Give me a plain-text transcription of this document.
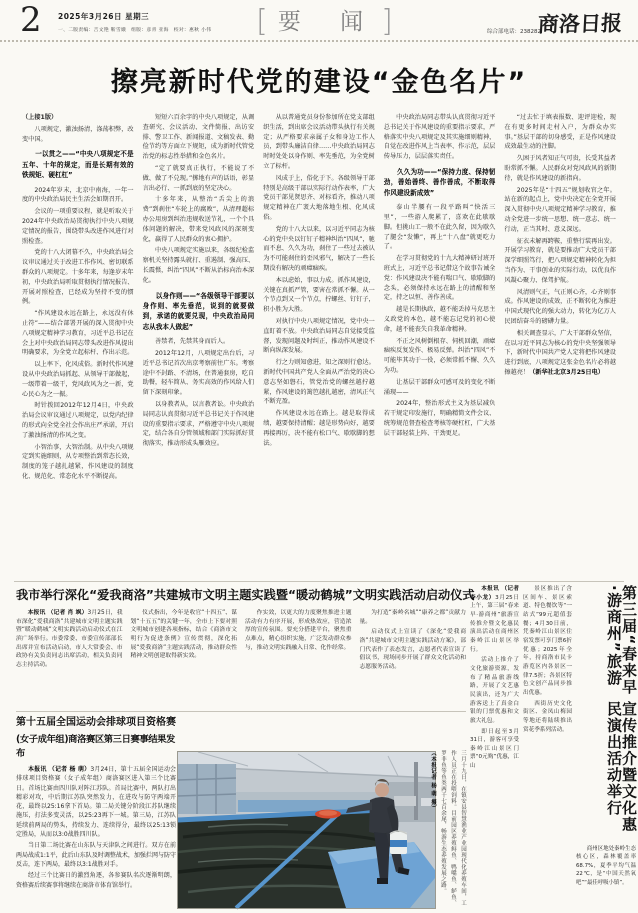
2 2025年3月26日 星期三
一、二版责编：吉文艳 靳雪娥　组版：彦青 亚海　校对：惠秋 小伟 [ 要 闻]	综合部电话：238282
商洛日报
擦亮新时代党的建设“金色名片”

（上接1版）

八项规定，激浊扬清，涤荡积弊，改变中国。

一以贯之——“中央八项规定不是五年、十年的规定，而是长期有效的铁规矩、硬杠杠”

2024年岁末，北京中南海，一年一度的中央政治局民主生活会如期召开。

会议的一项重要议程，就是听取关于2024年中央政治局贯彻执行中央八项规定情况的报告，围绕带头改进作风进行对照检查。

党的十八大闭幕不久，中央政治局会议审议通过关于改进工作作风、密切联系群众的八项规定。十多年来，每逢岁末年初，中央政治局听取贯彻执行情况报告、开展对照检查，已经成为坚持不变的惯例。

“作风建设永远在路上，永远没有休止符”——结合部署开展的深入贯彻中央八项规定精神学习教育，习近平总书记在会上对中央政治局同志带头改进作风提出明确要求，为全党立起标杆、作出示范。

以上率下，化风成俗。新时代作风建设从中央政治局抓起、从领导干部做起，一级带着一级干，党风政风为之一新，党心民心为之一振。

时针拨回2012年12月4日，中央政治局会议审议通过八项规定，以党内纪律的形式向全党全社会作出庄严承诺，开启了激浊扬清的作风之变。

小智治事，大智治制。从中央八项规定到实施细则，从专项整治到常态长效，制度的笼子越扎越紧，作风建设的制度化、规范化、常态化水平不断提高。

短短六百余字的中央八项规定，从调查研究、会议活动、文件简报、出访安排、警卫工作、新闻报道、文稿发表、勤俭节约等方面立下规矩，成为新时代管党治党的标志性举措和金色名片。

“定了就要真正执行，不能说了不做、做了不兑现。”掷地有声的话语，彰显言出必行、一抓到底的坚定决心。

十多年来，从整治“舌尖上的浪费”到刹住“车轮上的腐败”，从清理超标办公用房到纠治违规收送节礼，一个个具体问题的解决，带来党风政风的深刻变化，赢得了人民群众的衷心拥护。

中央八项规定实施以来，各级纪检监察机关坚持露头就打、重遏制、强高压、长震慑，纠治“四风”不断从治标向治本深化。

以身作则——“各级领导干部要以身作则、率先垂范，说到的就要做到，承诺的就要兑现，中央政治局同志从我本人做起”

善禁者，先禁其身而后人。

2012年12月，八项规定出台后，习近平总书记首次出京考察前往广东。考察途中不封路、不清场，住普通套房，吃自助餐，轻车简从、务实高效的作风给人们留下深刻印象。

以身教者从，以言教者讼。中央政治局同志认真贯彻习近平总书记关于作风建设的重要指示要求，严格遵守中央八项规定，结合各自分管领域和部门实际抓好贯彻落实，推动形成头雁效应。

从以普通党员身份参加所在党支部组织生活，到出席会议活动带头执行有关规定；从严格要求亲属子女和身边工作人员，到带头廉洁自律……中央政治局同志时时处处以身作则、率先垂范，为全党树立了标杆。

风成于上，俗化于下。各级领导干部特别是高级干部以实际行动作表率，广大党员干部见贤思齐、对标看齐，推动八项规定精神在广袤大地落地生根、化风成俗。

党的十八大以来，以习近平同志为核心的党中央以钉钉子精神纠治“四风”，驰而不息、久久为功，刹住了一些过去被认为不可能刹住的歪风邪气，解决了一些长期没有解决的顽瘴痼疾。

本以虑始，事以力成。抓作风建设，关键在真抓严管，要害在常抓不懈。从一个节点到又一个节点，拧螺丝、钉钉子，积小胜为大胜。

对执行中央八项规定情况，党中央一直盯着不放。中央政治局同志自觉接受监督，发现问题及时纠正，推动作风建设不断向纵深发展。

行之力则知愈进，知之深则行愈达。新时代中国共产党人全面从严治党的决心意志坚如磐石，管党治党的螺丝越拧越紧，作风建设的篱笆越扎越密，清风正气不断充盈。

作风建设永远在路上。越是取得成绩，越要保持清醒；越是形势向好，越要再接再厉，决不能有松口气、歇歇脚的想法。

中央政治局同志带头认真贯彻习近平总书记关于作风建设的重要指示要求，严格落实中央八项规定及其实施细则精神，自觉在改进作风上当表率、作示范，层层传导压力，层层落实责任。

久久为功——“保持力度、保持韧劲，善始善终、善作善成，不断取得作风建设新成效”

泰山半腰有一段平路叫“快活三里”，一些游人爬累了，喜欢在此歇歇脚。但挑山工一般不在此久留，因为歇久了腿会“发懒”，再上“十八盘”就更吃力了。

在学习贯彻党的十九大精神研讨班开班式上，习近平总书记借这个故事告诫全党：作风建设决不能有喘口气、歇歇脚的念头，必须保持永远在路上的清醒和坚定，持之以恒、善作善成。

越是长期执政，越不能丢掉马克思主义政党的本色，越不能忘记党的初心使命，越不能丧失自我革命精神。

不正之风树倒根存、伺机回潮，顽瘴痼疾反复发作、极易反弹。纠治“四风”不可能毕其功于一役，必须常抓不懈、久久为功。

让基层干部群众可感可及的变化不断涌现——

2024年，整治形式主义为基层减负若干规定印发施行，明确精简文件会议、统筹规范督查检查考核等硬杠杠，广大基层干部轻装上阵、干劲更足。

“过去忙于填表报数、迎评迎检，现在有更多时间走村入户，为群众办实事。”基层干部的切身感受，正是作风建设成效最生动的注脚。

久困于风者知正气可贵，长受其益者盼常抓不懈。人民群众对党风政风的新期待，就是作风建设的新指向。

2025年是“十四五”规划收官之年。站在新的起点上，党中央决定在全党开展深入贯彻中央八项规定精神学习教育，推动全党进一步统一思想、统一意志、统一行动，正当其时、意义深远。

征衣未解再跨鞍，重整行装再出发。开展学习教育，就是要推动广大党员干部深学细照笃行，把八项规定精神转化为担当作为、干事创业的实际行动，以优良作风凝心聚力、保驾护航。

风清则气正，气正则心齐，心齐则事成。作风建设的成效，正不断转化为推进中国式现代化的强大动力，转化为亿万人民团结奋斗的磅礴力量。

相关调查显示，广大干部群众坚信，在以习近平同志为核心的党中央坚强领导下，新时代中国共产党人定将把作风建设进行到底，八项规定这张金色名片必将越擦越亮！（新华社北京3月25日电）

我市举行深化“爱我商洛”共建城市文明主题实践暨“暖动鹤城”文明实践活动启动仪式

本报讯 （记者 肖 飒）3月25日，我市深化“爱我商洛”共建城市文明主题实践暨“暖动鹤城”文明实践活动启动仪式在江滨广场举行。市委常委、市委宣传部部长出席并宣布活动启动，市人大常委会、市政协有关负责同志出席活动，相关负责同志主持活动。

仪式指出，今年是收官“十四五”、谋划“十五五”的关键一年，全市上下要对照文明城市创建各项指标，结合《商洛市文明行为促进条例》宣传贯彻，深化拓展“爱我商洛”主题实践活动，推动群众性精神文明创建取得新实效。

作实效，以更大的力度聚焦推进主题活动有力有序开展，形成热效应，营造浓厚的宣传氛围。要充分搭建平台，聚焦重点难点，精心组织实施，广泛发动群众参与，推动文明实践融入日常、化作经常。

为打造“秦岭名城”“康养之都”贡献力量。

启动仪式上宣读了《深化“爱我商洛”共建城市文明主题实践活动方案》，部门代表作了表态发言，志愿者代表宣读了倡议书，现场同步开展了群众文化活动和志愿服务活动。

第十五届全国运动会排球项目资格赛
(女子成年组)商洛赛区第三日赛事结果发布

本报讯 （记者 杨 萌）3月24日，第十五届全国运动会排球项目资格赛（女子成年组）商洛赛区进入第三个比赛日。首场比赛由四川队对阵江苏队。首局比赛中，两队打出精彩对攻，中后期江苏队突然发力，在进攻与防守两端开花，最终以25:16拿下首局。第二局关键分阶段江苏队继续施压，打法多变灵活，以25:23再下一城。第三局，江苏队延续前两局的势头，持续发力、连续得分，最终以25:13锁定胜局，从而以3:0战胜四川队。

当日第二场比赛在山东队与天津队之间进行。双方在前两局战成1:1平，此后山东队及时调整战术，加强拦网与防守反击，连下两局，最终以3:1战胜对手。

经过三个比赛日的激烈角逐，各参赛队名次逐渐明朗，资格赛后续赛事将继续在商洛市体育馆举行。	三月十九日，在镇安县智慧渔业产业园现代化养殖车间，工作人员正在投喂饲料。目前园区养殖鲟鱼、鸭嘴鱼、鲈鱼、罗非鱼等鱼类两千七百余尾，畅游生态养殖发展之路。 （本报记者 杨 萌 摄）

本报讯 （记者 李小龙）3月25日上午，第三届“春来早·游商州”旅游宣传推介暨文化惠民演出活动在商州区秦岭江山景区举行。

活动上推介了文化旅游资源，发布了精品旅游线路，开展了文艺惠民演出，还为广大游客送上了真金白银的门票优惠和文旅大礼包。

即日起至3月31日，游客可享受秦岭江山景区门票“0元购”优惠，江山

景区推出了含区间车、景区索道、特色餐饮等“一站式”99元超值套餐；4月30日前，凭秦岭江山景区住宿发票可享门票6折优惠；2025年全年，持商洛市民卡游览区内各景区一律7.5折；各景区特色文创产品同步推出优惠。

西街历史文化街区、金凤山梅园等地还将陆续推出赏花季系列活动。

第三届“春来早·游商州”旅游
宣传推介暨文化惠民演出活动举行

商州区地处秦岭生态核心区，森林覆盖率68.7%，夏季平均气温22℃，是“中国天然氧吧”“最佳呼吸小镇”。
